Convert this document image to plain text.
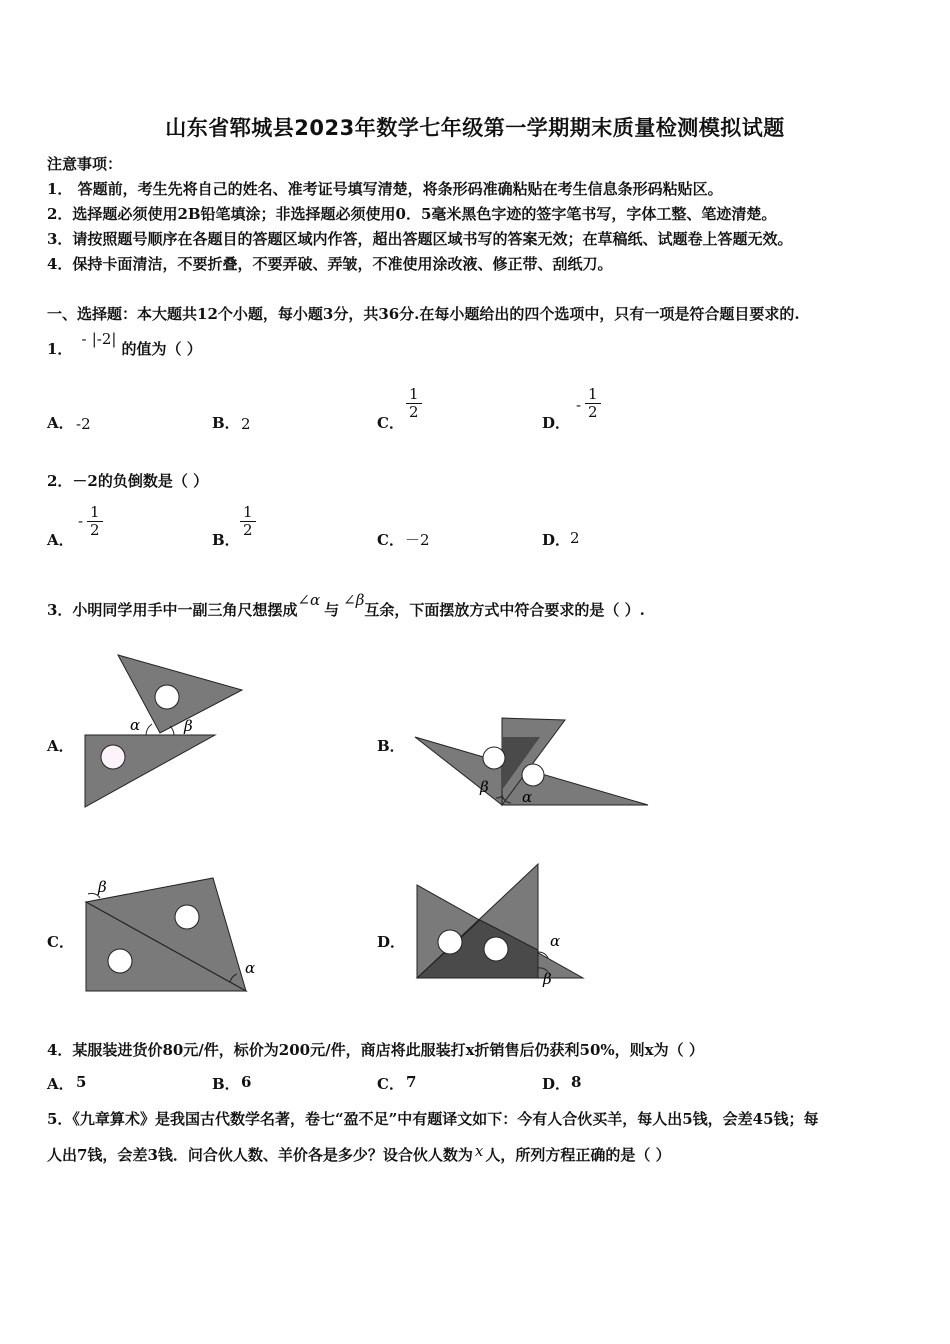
山东省郓城县2023年数学七年级第一学期期末质量检测模拟试题
注意事项：
1． 答题前，考生先将自己的姓名、准考证号填写清楚，将条形码准确粘贴在考生信息条形码粘贴区。
2．选择题必须使用2B铅笔填涂；非选择题必须使用0．5毫米黑色字迹的签字笔书写，字体工整、笔迹清楚。
3．请按照题号顺序在各题目的答题区域内作答，超出答题区域书写的答案无效；在草稿纸、试题卷上答题无效。
4．保持卡面清洁，不要折叠，不要弄破、弄皱，不准使用涂改液、修正带、刮纸刀。
一、选择题：本大题共12个小题，每小题3分，共36分.在每小题给出的四个选项中，只有一项是符合题目要求的.
1． - |-2| 的值为（ ）
A． -2	B． 2	C．
$\frac{1}{2}$
D．
- $\frac{1}{2}$
2．－2的负倒数是（ ）
A．
- $\frac{1}{2}$
B．
$\frac{1}{2}$
C． －2	D． 2
3．小明同学用手中一副三角尺想摆成∠α与∠β互余，下面摆放方式中符合要求的是（ ）.
A．	B．
C．	D．
α	β
β
α
β
α
α
β
4．某服装进货价80元/件，标价为200元/件，商店将此服装打x折销售后仍获利50%，则x为（ ）
A． 5	B． 6	C． 7	D． 8
5．《九章算术》是我国古代数学名著，卷七“盈不足”中有题译文如下：今有人合伙买羊，每人出5钱，会差45钱；每
人出7钱，会差3钱．问合伙人数、羊价各是多少？设合伙人数为 x 人，所列方程正确的是（ ）
